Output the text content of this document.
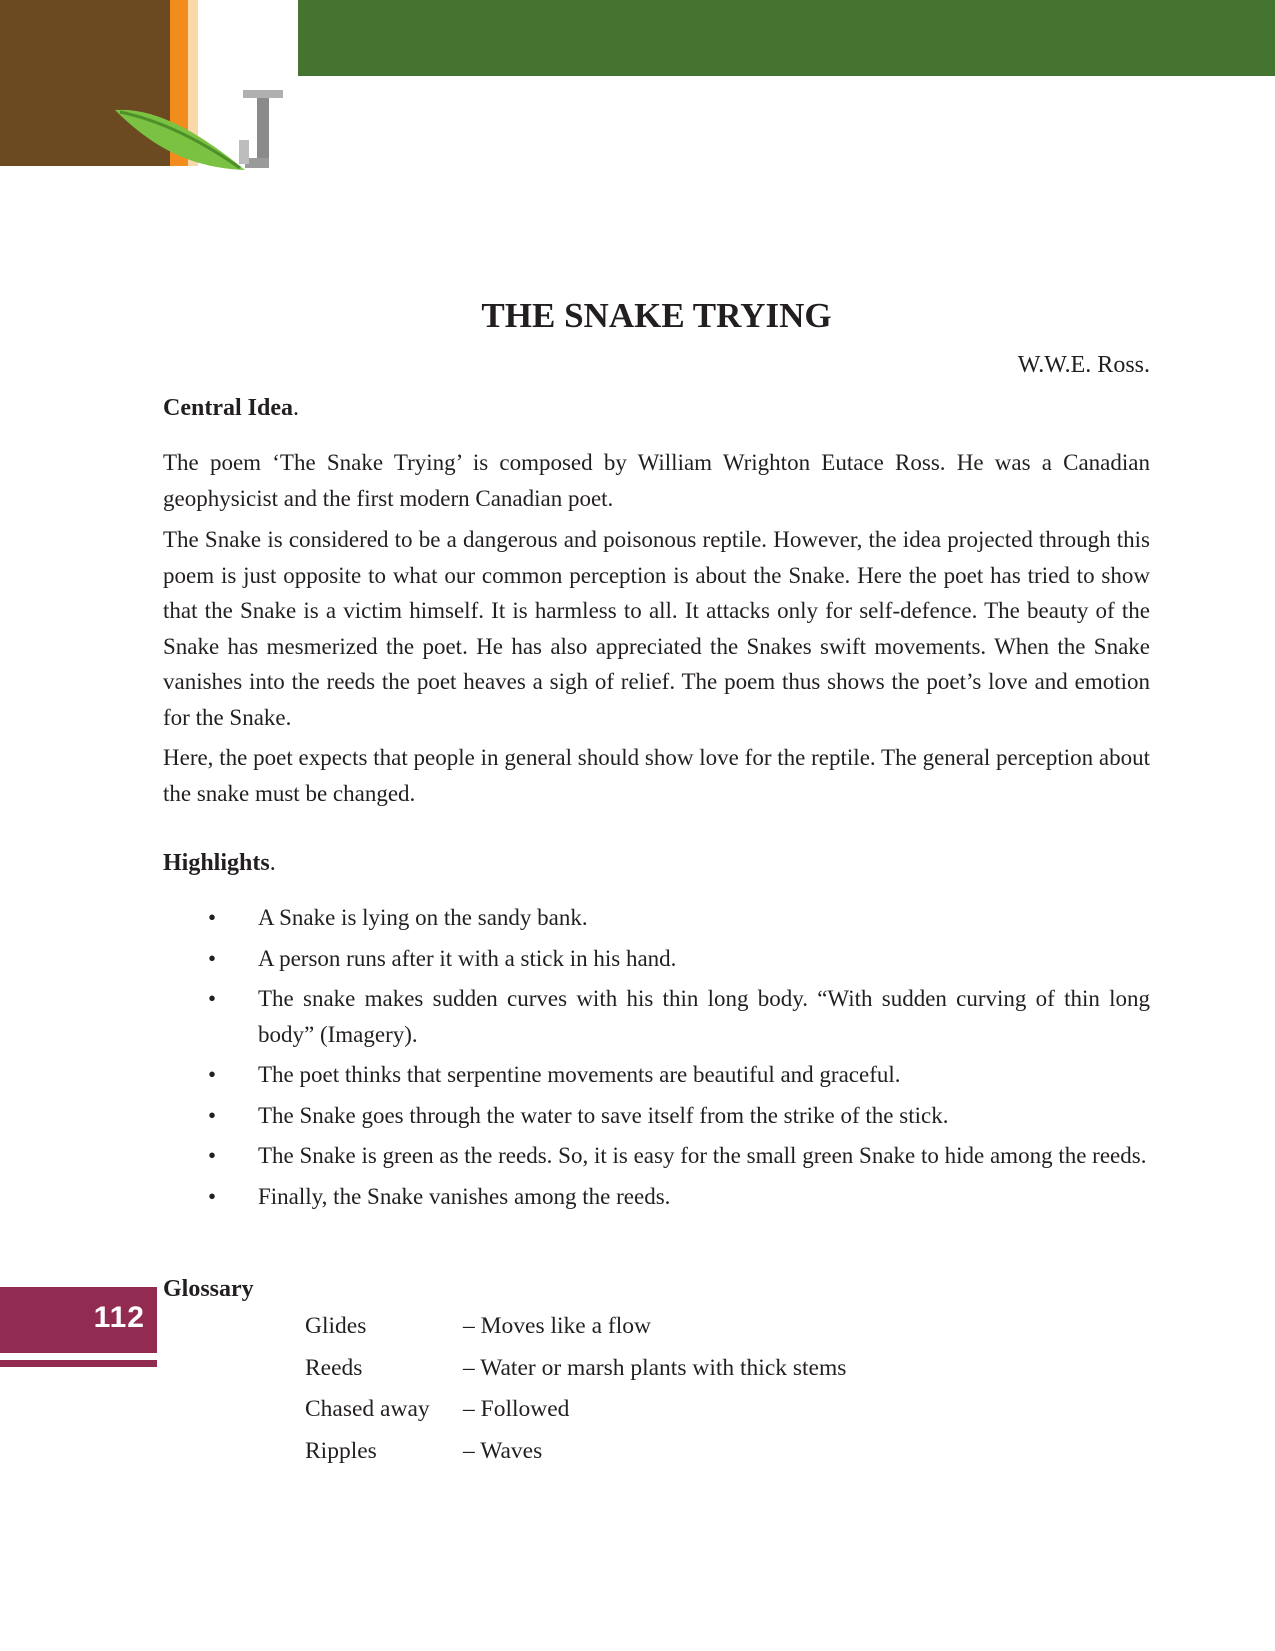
112
THE SNAKE TRYING
W.W.E. Ross.
Central Idea.

The poem ‘The Snake Trying’ is composed by William Wrighton Eutace Ross. He was a Canadian geophysicist and the first modern Canadian poet.

The Snake is considered to be a dangerous and poisonous reptile. However, the idea projected through this poem is just opposite to what our common perception is about the Snake. Here the poet has tried to show that the Snake is a victim himself. It is harmless to all. It attacks only for self-defence. The beauty of the Snake has mesmerized the poet. He has also appreciated the Snakes swift movements. When the Snake vanishes into the reeds the poet heaves a sigh of relief. The poem thus shows the poet’s love and emotion for the Snake.

Here, the poet expects that people in general should show love for the reptile. The general perception about the snake must be changed.

Highlights.
• A Snake is lying on the sandy bank.
• A person runs after it with a stick in his hand.
• The snake makes sudden curves with his thin long body. “With sudden curving of thin long body” (Imagery).
• The poet thinks that serpentine movements are beautiful and graceful.
• The Snake goes through the water to save itself from the strike of the stick.
• The Snake is green as the reeds. So, it is easy for the small green Snake to hide among the reeds.
• Finally, the Snake vanishes among the reeds.
Glossary
Glides	– Moves like a flow
Reeds	– Water or marsh plants with thick stems
Chased away	– Followed
Ripples	– Waves
